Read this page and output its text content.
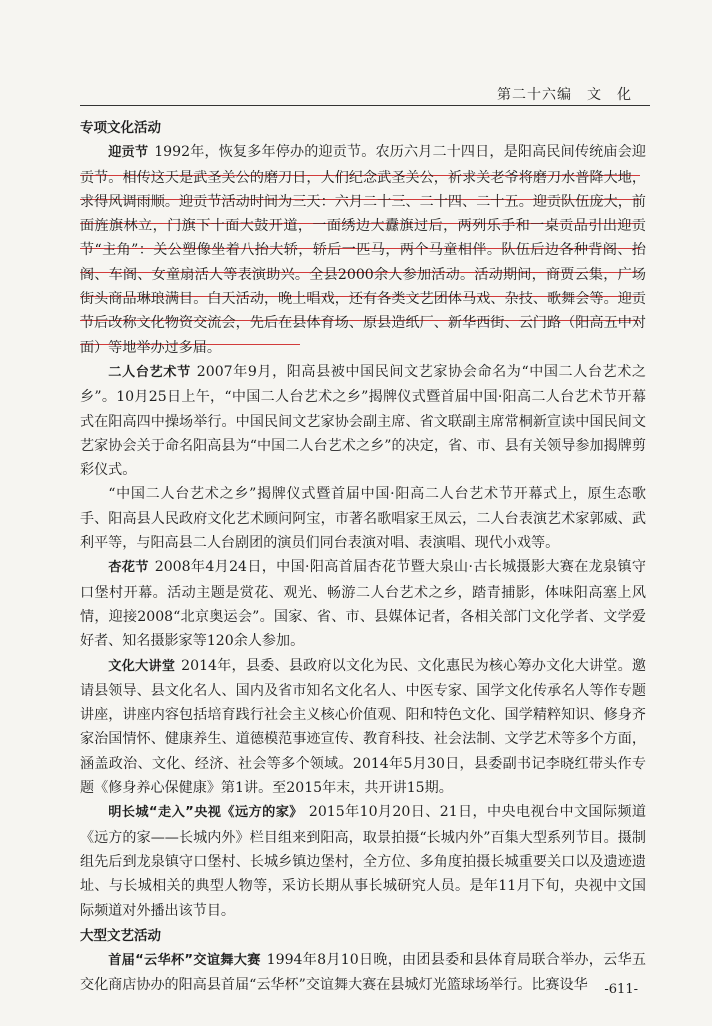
第二十六编　文　化

专项文化活动

迎贡节 1992年，恢复多年停办的迎贡节。农历六月二十四日，是阳高民间传统庙会迎贡节。相传这天是武圣关公的磨刀日，人们纪念武圣关公，祈求关老爷将磨刀水普降大地，求得风调雨顺。迎贡节活动时间为三天：六月二十三、二十四、二十五。迎贡队伍庞大，前面旌旗林立，门旗下十面大鼓开道，一面绣边大纛旗过后，两列乐手和一桌贡品引出迎贡节“主角”：关公塑像坐着八抬大轿，轿后一匹马，两个马童相伴。队伍后边各种背阁、抬阁、车阁、女童扇活人等表演助兴。全县2000余人参加活动。活动期间，商贾云集，广场街头商品琳琅满目。白天活动，晚上唱戏，还有各类文艺团体马戏、杂技、歌舞会等。迎贡节后改称文化物资交流会，先后在县体育场、原县造纸厂、新华西街、云门路（阳高五中对面）等地举办过多届。

二人台艺术节 2007年9月，阳高县被中国民间文艺家协会命名为“中国二人台艺术之乡”。10月25日上午，“中国二人台艺术之乡”揭牌仪式暨首届中国·阳高二人台艺术节开幕式在阳高四中操场举行。中国民间文艺家协会副主席、省文联副主席常桐新宣读中国民间文艺家协会关于命名阳高县为“中国二人台艺术之乡”的决定，省、市、县有关领导参加揭牌剪彩仪式。

“中国二人台艺术之乡”揭牌仪式暨首届中国·阳高二人台艺术节开幕式上，原生态歌手、阳高县人民政府文化艺术顾问阿宝，市著名歌唱家王凤云，二人台表演艺术家郭威、武利平等，与阳高县二人台剧团的演员们同台表演对唱、表演唱、现代小戏等。

杏花节 2008年4月24日，中国·阳高首届杏花节暨大泉山·古长城摄影大赛在龙泉镇守口堡村开幕。活动主题是赏花、观光、畅游二人台艺术之乡，踏青捕影，体味阳高塞上风情，迎接2008“北京奥运会”。国家、省、市、县媒体记者，各相关部门文化学者、文学爱好者、知名摄影家等120余人参加。

文化大讲堂 2014年，县委、县政府以文化为民、文化惠民为核心筹办文化大讲堂。邀请县领导、县文化名人、国内及省市知名文化名人、中医专家、国学文化传承名人等作专题讲座，讲座内容包括培育践行社会主义核心价值观、阳和特色文化、国学精粹知识、修身齐家治国情怀、健康养生、道德模范事迹宣传、教育科技、社会法制、文学艺术等多个方面，涵盖政治、文化、经济、社会等多个领域。2014年5月30日，县委副书记李晓红带头作专题《修身养心保健康》第1讲。至2015年末，共开讲15期。

明长城“走入”央视《远方的家》 2015年10月20日、21日，中央电视台中文国际频道《远方的家——长城内外》栏目组来到阳高，取景拍摄“长城内外”百集大型系列节目。摄制组先后到龙泉镇守口堡村、长城乡镇边堡村，全方位、多角度拍摄长城重要关口以及遗迹遗址、与长城相关的典型人物等，采访长期从事长城研究人员。是年11月下旬，央视中文国际频道对外播出该节目。

大型文艺活动

首届“云华杯”交谊舞大赛 1994年8月10日晚，由团县委和县体育局联合举办，云华五交化商店协办的阳高县首届“云华杯”交谊舞大赛在县城灯光篮球场举行。比赛设华	-611-
